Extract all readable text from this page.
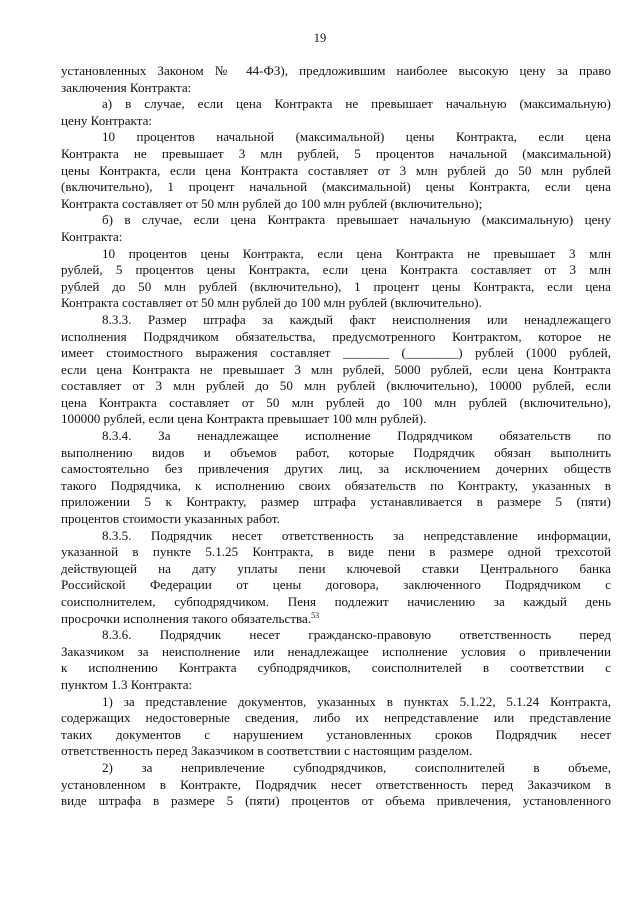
19

установленных Законом № 44-ФЗ), предложившим наиболее высокую цену за право

заключения Контракта:

а) в случае, если цена Контракта не превышает начальную (максимальную)

цену Контракта:

10 процентов начальной (максимальной) цены Контракта, если цена

Контракта не превышает 3 млн рублей, 5 процентов начальной (максимальной)

цены Контракта, если цена Контракта составляет от 3 млн рублей до 50 млн рублей

(включительно), 1 процент начальной (максимальной) цены Контракта, если цена

Контракта составляет от 50 млн рублей до 100 млн рублей (включительно);

б) в случае, если цена Контракта превышает начальную (максимальную) цену

Контракта:

10 процентов цены Контракта, если цена Контракта не превышает 3 млн

рублей, 5 процентов цены Контракта, если цена Контракта составляет от 3 млн

рублей до 50 млн рублей (включительно), 1 процент цены Контракта, если цена

Контракта составляет от 50 млн рублей до 100 млн рублей (включительно).

8.3.3. Размер штрафа за каждый факт неисполнения или ненадлежащего

исполнения Подрядчиком обязательства, предусмотренного Контрактом, которое не

имеет стоимостного выражения составляет _______ (________) рублей (1000 рублей,

если цена Контракта не превышает 3 млн рублей, 5000 рублей, если цена Контракта

составляет от 3 млн рублей до 50 млн рублей (включительно), 10000 рублей, если

цена Контракта составляет от 50 млн рублей до 100 млн рублей (включительно),

100000 рублей, если цена Контракта превышает 100 млн рублей).

8.3.4. За ненадлежащее исполнение Подрядчиком обязательств по

выполнению видов и объемов работ, которые Подрядчик обязан выполнить

самостоятельно без привлечения других лиц, за исключением дочерних обществ

такого Подрядчика, к исполнению своих обязательств по Контракту, указанных в

приложении 5 к Контракту, размер штрафа устанавливается в размере 5 (пяти)

процентов стоимости указанных работ.

8.3.5. Подрядчик несет ответственность за непредставление информации,

указанной в пункте 5.1.25 Контракта, в виде пени в размере одной трехсотой

действующей на дату уплаты пени ключевой ставки Центрального банка

Российской Федерации от цены договора, заключенного Подрядчиком с

соисполнителем, субподрядчиком. Пеня подлежит начислению за каждый день

просрочки исполнения такого обязательства.$^{53}$

8.3.6. Подрядчик несет гражданско-правовую ответственность перед

Заказчиком за неисполнение или ненадлежащее исполнение условия о привлечении

к исполнению Контракта субподрядчиков, соисполнителей в соответствии с

пунктом 1.3 Контракта:

1) за представление документов, указанных в пунктах 5.1.22, 5.1.24 Контракта,

содержащих недостоверные сведения, либо их непредставление или представление

таких документов с нарушением установленных сроков Подрядчик несет

ответственность перед Заказчиком в соответствии с настоящим разделом.

2) за непривлечение субподрядчиков, соисполнителей в объеме,

установленном в Контракте, Подрядчик несет ответственность перед Заказчиком в

виде штрафа в размере 5 (пяти) процентов от объема привлечения, установленного
